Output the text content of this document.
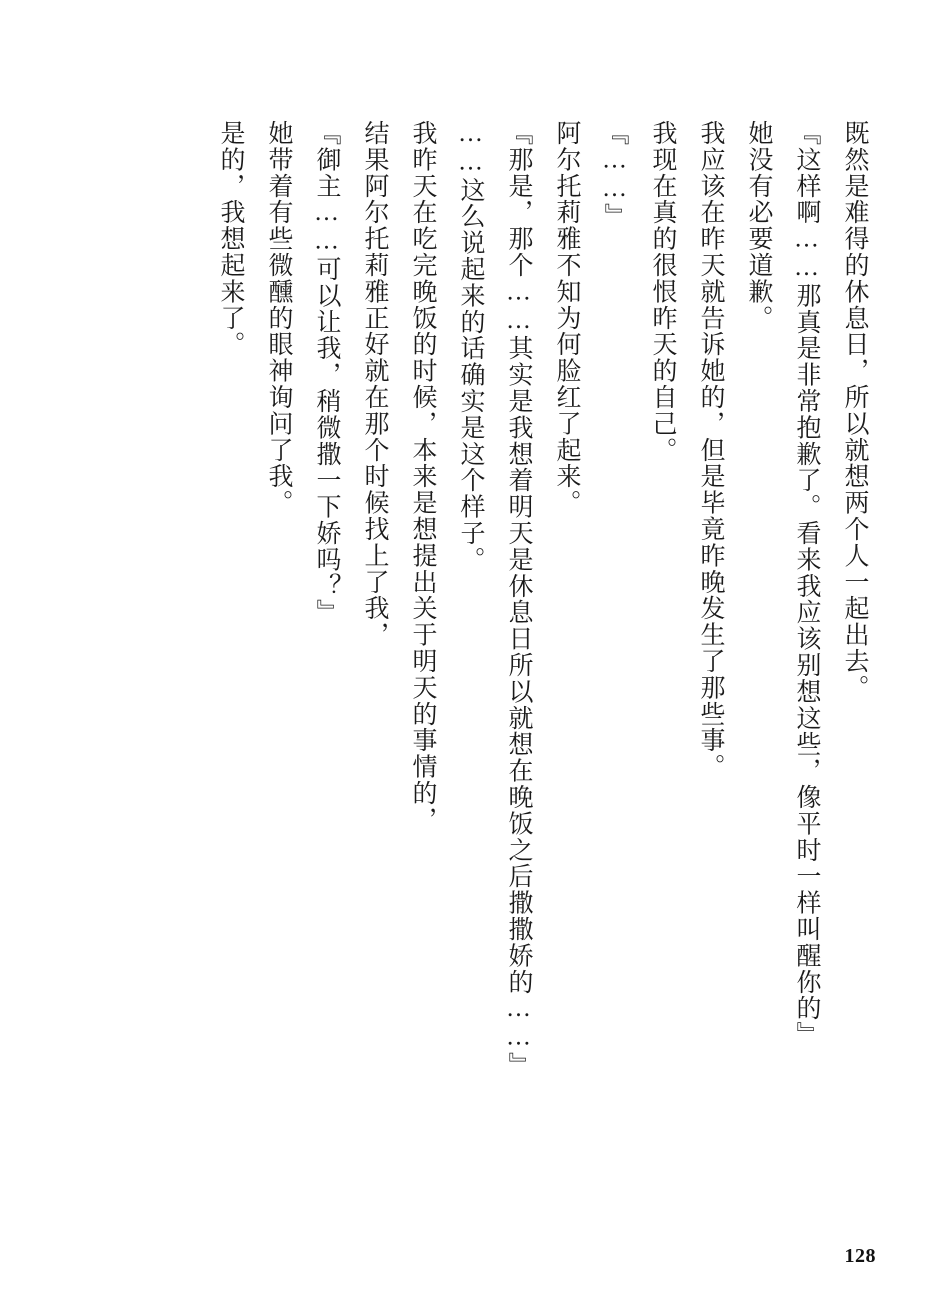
既然是难得的休息日，所以就想两个人一起出去。

『这样啊……那真是非常抱歉了。看来我应该别想这些，像平时一样叫醒你的』

她没有必要道歉。

我应该在昨天就告诉她的，但是毕竟昨晚发生了那些事。

我现在真的很恨昨天的自己。

『……』

阿尔托莉雅不知为何脸红了起来。

『那是，那个……其实是我想着明天是休息日所以就想在晚饭之后撒撒娇的……』

……这么说起来的话确实是这个样子。

我昨天在吃完晚饭的时候，本来是想提出关于明天的事情的，

结果阿尔托莉雅正好就在那个时候找上了我，

『御主……可以让我，稍微撒一下娇吗？』

她带着有些微醺的眼神询问了我。

是的，我想起来了。

128
